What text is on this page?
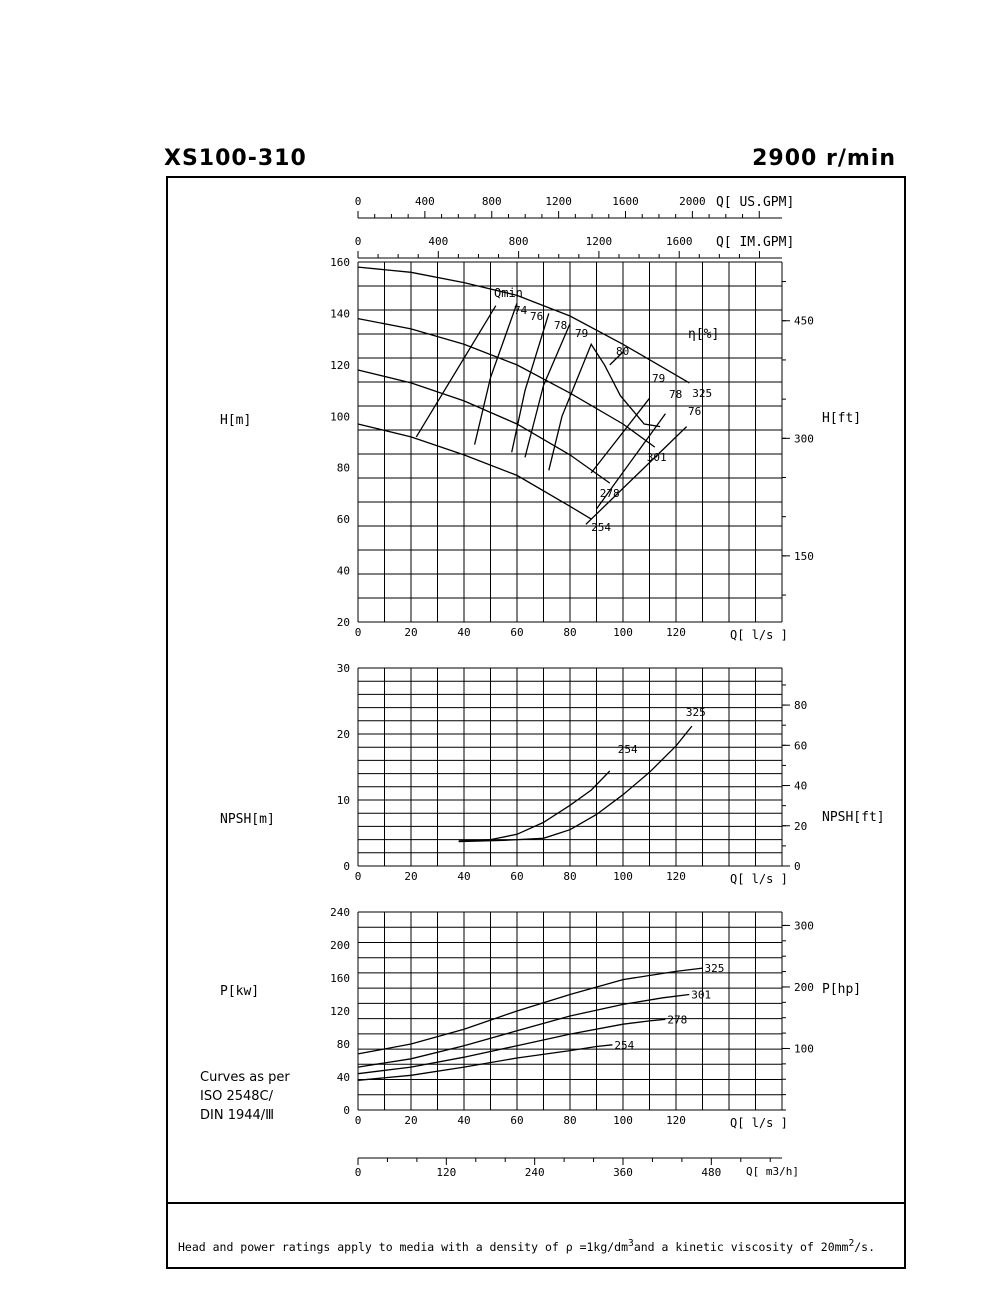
XS100-310	2900 r/min
20
40
60
80
100
120
140
160
0	20	40	60	80	100	120	Q[ l/s ]
H[m]	H[ft]
150
300
450
0	400	800	1200	1600	2000 Q[ US.GPM]
0	400	800	1200	1600 Q[ IM.GPM]
325
301
278
254
74 76
78
79
80
79
78
76
Qmin
η[%]
0
10
20
30
0	20	40	60	80	100	120	Q[ l/s ]
NPSH[m]	NPSH[ft]
0
20
40
60
80
254
325
0
40
80
120
160
200
240
0	20	40	60	80	100	120	Q[ l/s ]
P[kw]	P[hp]
100
200
300
325
301
278
254
0	120	240	360	480 Q[ m3/h]
Curves as per
ISO 2548C/
DIN 1944/Ⅲ
Head and power ratings apply to media with a density of $\rho =1kg/dm^3and$ a kinetic viscosity of $20mm^2/s$.
